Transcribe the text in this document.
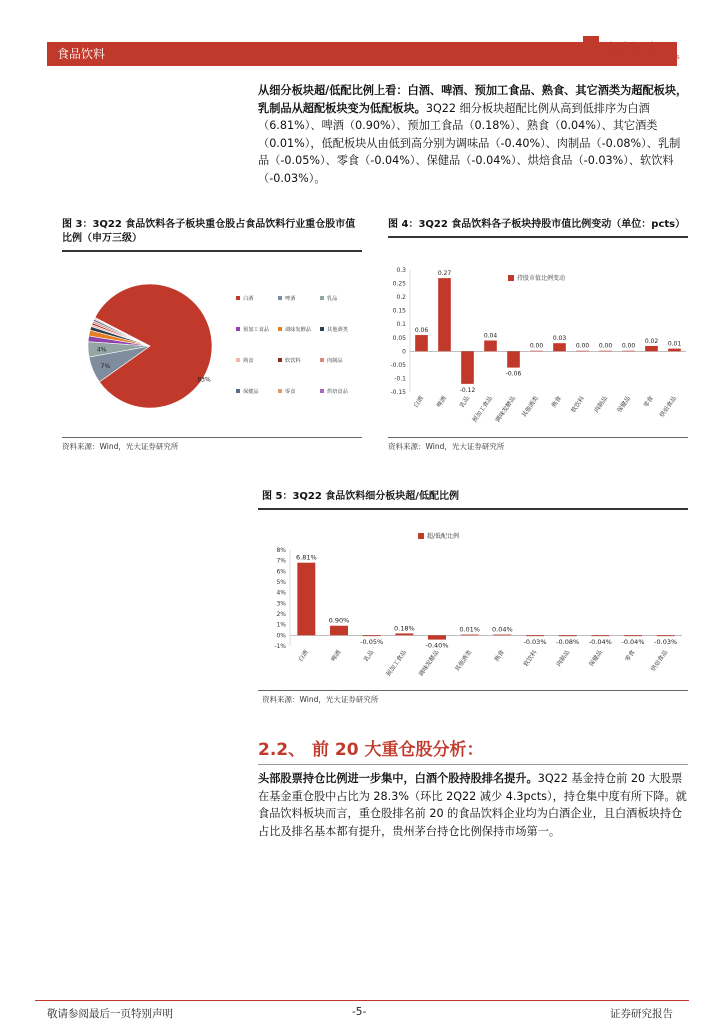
食品饮料	光大证券
EVERBRIGHT SECURITIES
从细分板块超/低配比例上看：白酒、啤酒、预加工食品、熟食、其它酒类为超配板块，乳制品从超配板块变为低配板块。3Q22 细分板块超配比例从高到低排序为白酒（6.81%）、啤酒（0.90%）、预加工食品（0.18%）、熟食（0.04%）、其它酒类（0.01%），低配板块从由低到高分别为调味品（-0.40%）、肉制品（-0.08%）、乳制品（-0.05%）、零食（-0.04%）、保健品（-0.04%）、烘焙食品（-0.03%）、软饮料（-0.03%）。
图 3：3Q22 食品饮料各子板块重仓股占食品饮料行业重仓股市值比例（申万三级）
83%
7%
4%
白酒	啤酒	乳品
预加工食品	调味发酵品	其他酒类
熟食	软饮料	肉制品
保健品	零食	烘焙食品
资料来源：Wind，光大证券研究所
图 4：3Q22 食品饮料各子板块持股市值比例变动（单位：pcts）
0.3
0.25
0.2
0.15
0.1
0.05
0
-0.05
-0.1
-0.15
0.06
白酒
0.27
啤酒
-0.12
乳品
0.04
预加工食品
-0.06
调味发酵品
0.00
其他酒类
0.03
熟食
0.00
软饮料
0.00
肉制品
0.00
保健品
0.02
零食
0.01
烘焙食品
持股市值比例变动
资料来源：Wind，光大证券研究所
图 5：3Q22 食品饮料细分板块超/低配比例
8%
7%
6%
5%
4%
3%
2%
1%
0%
-1%
6.81%
白酒
0.90%
啤酒
-0.05%
乳品
0.18%
预加工食品
-0.40%
调味发酵品
0.01%
其他酒类
0.04%
熟食
-0.03%
软饮料
-0.08%
肉制品
-0.04%
保健品
-0.04%
零食
-0.03%
烘焙食品
超/低配比例
资料来源：Wind，光大证券研究所
2.2、 前 20 大重仓股分析：
头部股票持仓比例进一步集中，白酒个股持股排名提升。3Q22 基金持仓前 20 大股票在基金重仓股中占比为 28.3%（环比 2Q22 减少 4.3pcts），持仓集中度有所下降。就食品饮料板块而言，重仓股排名前 20 的食品饮料企业均为白酒企业，且白酒板块持仓占比及排名基本都有提升，贵州茅台持仓比例保持市场第一。
敬请参阅最后一页特别声明	-5-	证券研究报告
